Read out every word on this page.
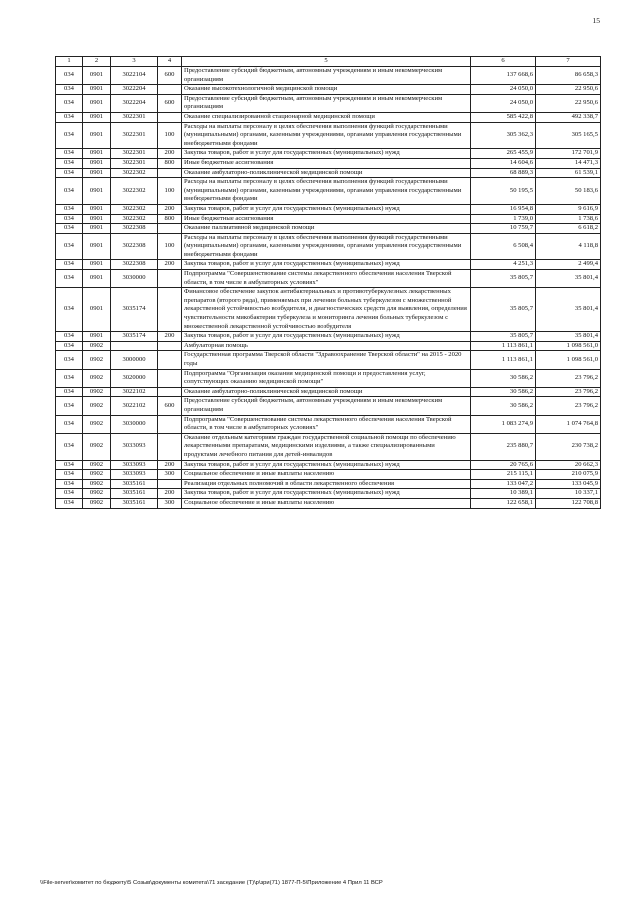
15
1	2	3	4	5	6	7
034	0901	3022104	600	Предоставление субсидий бюджетным, автономным учреждениям и иным некоммерческим организациям	137 668,6	86 658,3
034	0901	3022204		Оказание высокотехнологичной медицинской помощи	24 050,0	22 950,6
034	0901	3022204	600	Предоставление субсидий бюджетным, автономным учреждениям и иным некоммерческим организациям	24 050,0	22 950,6
034	0901	3022301		Оказание специализированной стационарной медицинской помощи	585 422,8	492 338,7
034	0901	3022301	100	Расходы на выплаты персоналу в целях обеспечения выполнения функций государственными (муниципальными) органами, казенными учреждениями, органами управления государственными внебюджетными фондами	305 362,3	305 165,5
034	0901	3022301	200	Закупка товаров, работ и услуг для государственных (муниципальных) нужд	265 455,9	172 701,9
034	0901	3022301	800	Иные бюджетные ассигнования	14 604,6	14 471,3
034	0901	3022302		Оказание амбулаторно-поликлинической медицинской помощи	68 889,3	61 539,1
034	0901	3022302	100	Расходы на выплаты персоналу в целях обеспечения выполнения функций государственными (муниципальными) органами, казенными учреждениями, органами управления государственными внебюджетными фондами	50 195,5	50 183,6
034	0901	3022302	200	Закупка товаров, работ и услуг для государственных (муниципальных) нужд	16 954,8	9 616,9
034	0901	3022302	800	Иные бюджетные ассигнования	1 739,0	1 738,6
034	0901	3022308		Оказание паллиативной медицинской помощи	10 759,7	6 618,2
034	0901	3022308	100	Расходы на выплаты персоналу в целях обеспечения выполнения функций государственными (муниципальными) органами, казенными учреждениями, органами управления государственными внебюджетными фондами	6 508,4	4 118,8
034	0901	3022308	200	Закупка товаров, работ и услуг для государственных (муниципальных) нужд	4 251,3	2 499,4
034	0901	3030000		Подпрограмма "Совершенствование системы лекарственного обеспечения населения Тверской области, в том числе в амбулаторных условиях"	35 805,7	35 801,4
034	0901	3035174		Финансовое обеспечение закупок антибактериальных и противотуберкулезных лекарственных препаратов (второго ряда), применяемых при лечении больных туберкулезом с множественной лекарственной устойчивостью возбудителя, и диагностических средств для выявления, определения чувствительности микобактерии туберкулеза и мониторинга лечения больных туберкулезом с множественной лекарственной устойчивостью возбудителя	35 805,7	35 801,4
034	0901	3035174	200	Закупка товаров, работ и услуг для государственных (муниципальных) нужд	35 805,7	35 801,4
034	0902			Амбулаторная помощь	1 113 861,1	1 098 561,0
034	0902	3000000		Государственная программа Тверской области "Здравоохранение Тверской области" на 2015 - 2020 годы	1 113 861,1	1 098 561,0
034	0902	3020000		Подпрограмма "Организация оказания медицинской помощи и предоставления услуг, сопутствующих оказанию медицинской помощи"	30 586,2	23 796,2
034	0902	3022102		Оказание амбулаторно-поликлинической медицинской помощи	30 586,2	23 796,2
034	0902	3022102	600	Предоставление субсидий бюджетным, автономным учреждениям и иным некоммерческим организациям	30 586,2	23 796,2
034	0902	3030000		Подпрограмма "Совершенствование системы лекарственного обеспечения населения Тверской области, в том числе в амбулаторных условиях"	1 083 274,9	1 074 764,8
034	0902	3033093		Оказание отдельным категориям граждан государственной социальной помощи по обеспечению лекарственными препаратами, медицинскими изделиями, а также специализированными продуктами лечебного питания для детей-инвалидов	235 880,7	230 738,2
034	0902	3033093	200	Закупка товаров, работ и услуг для государственных (муниципальных) нужд	20 765,6	20 662,3
034	0902	3033093	300	Социальное обеспечение и иные выплаты населению	215 115,1	210 075,9
034	0902	3035161		Реализация отдельных полномочий в области лекарственного обеспечения	133 047,2	133 045,9
034	0902	3035161	200	Закупка товаров, работ и услуг для государственных (муниципальных) нужд	10 389,1	10 337,1
034	0902	3035161	300	Социальное обеспечение и иные выплаты населению	122 658,1	122 708,8
\\File-server\комитет по бюджету\5 Созыв\документы комитета\71 заседание (Т)\р\зри(71) 1877-П-5\Приложение 4 Прил 11 ВСР
